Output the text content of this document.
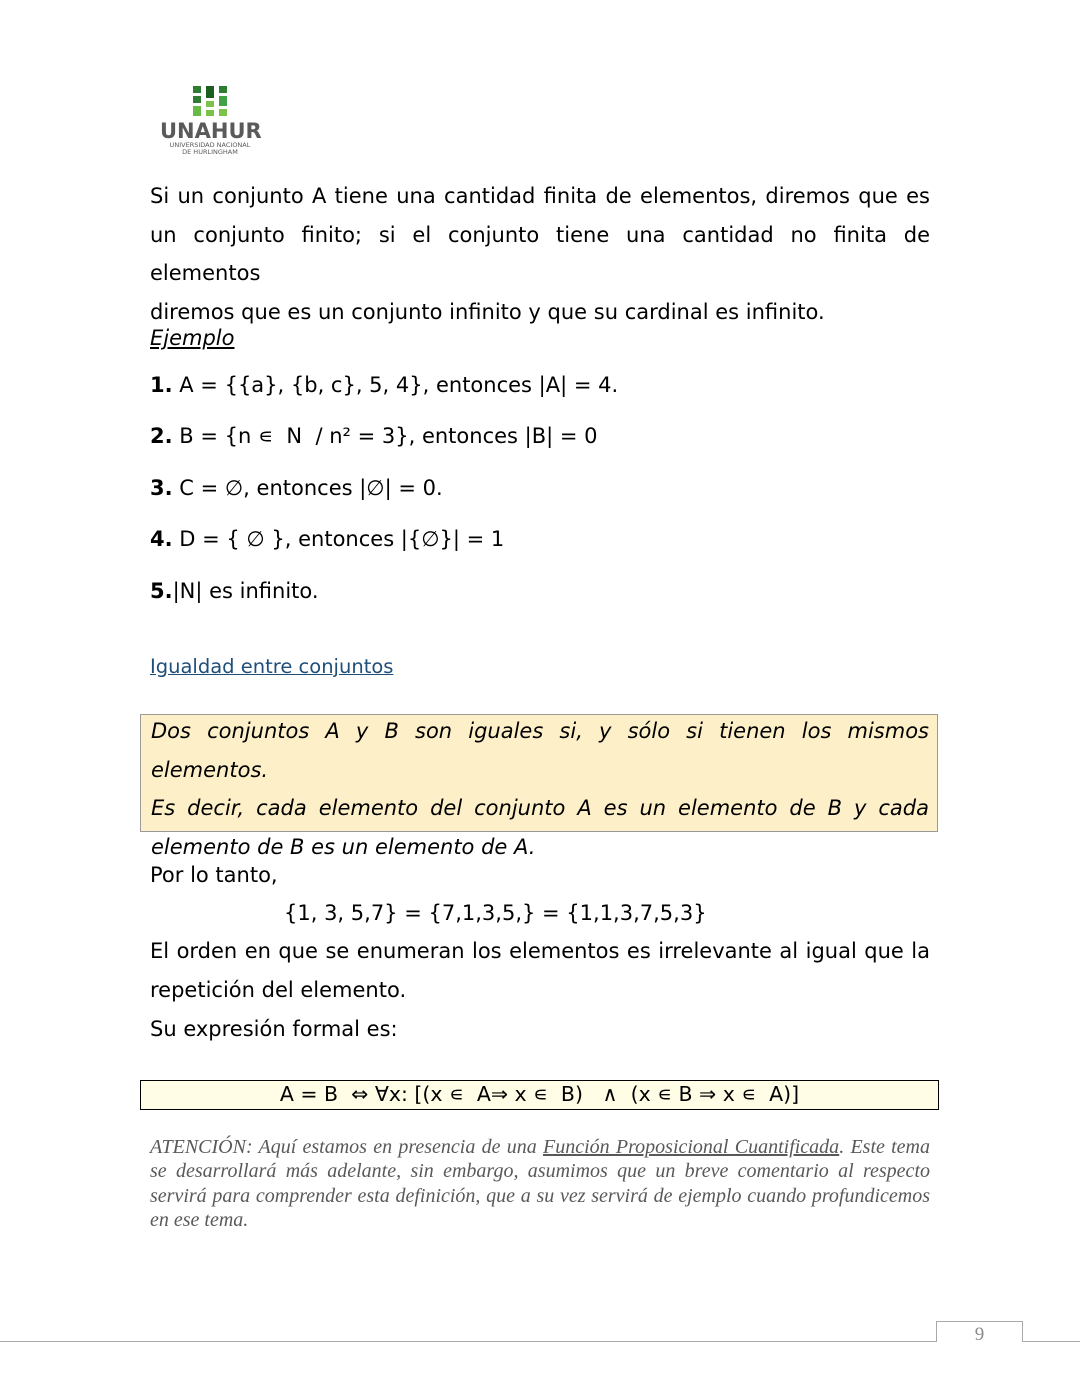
UNAHUR
UNIVERSIDAD NACIONAL
DE HURLINGHAM
Si un conjunto A tiene una cantidad finita de elementos, diremos que es
un conjunto finito; si el conjunto tiene una cantidad no finita de elementos
diremos que es un conjunto infinito y que su cardinal es infinito.
Ejemplo
1. A = {{a}, {b, c}, 5, 4}, entonces |A| = 4.
2. B = {n ∊  N  / n² = 3}, entonces |B| = 0
3. C = ∅, entonces |∅| = 0.
4. D = { ∅ }, entonces |{∅}| = 1
5.|N| es infinito.
Igualdad entre conjuntos
Dos conjuntos A y B son iguales si, y sólo si tienen los mismos elementos.
Es decir, cada elemento del conjunto A es un elemento de B y cada
elemento de B es un elemento de A.
Por lo tanto,
{1, 3, 5,7} = {7,1,3,5,} = {1,1,3,7,5,3}
El orden en que se enumeran los elementos es irrelevante al igual que la
repetición del elemento.
Su expresión formal es:
A = B  ⇔ ∀x: [(x ∊  A⇒ x ∊  B)   ∧  (x ∊ B ⇒ x ∊  A)]
ATENCIÓN: Aquí estamos en presencia de una Función Proposicional Cuantificada. Este tema se desarrollará más adelante, sin embargo, asumimos que un breve comentario al respecto servirá para comprender esta definición, que a su vez servirá de ejemplo cuando profundicemos en ese tema.
9
